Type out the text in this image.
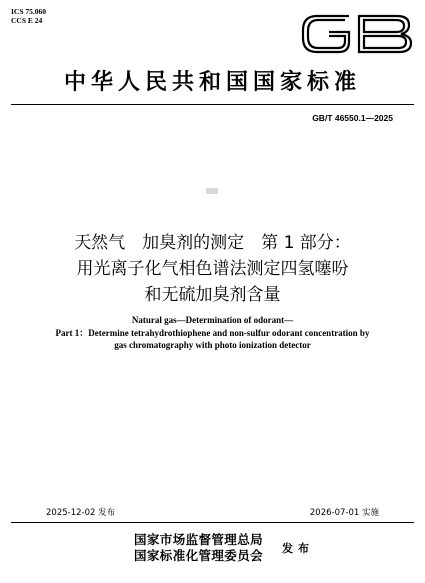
ICS 75.060
CCS E 24
中华人民共和国国家标准
GB/T 46550.1—2025
天然气　加臭剂的测定　第 1 部分：
用光离子化气相色谱法测定四氢噻吩
和无硫加臭剂含量
Natural gas—Determination of odorant—
Part 1：Determine tetrahydrothiophene and non-sulfur odorant concentration by
gas chromatography with photo ionization detector
2025-12-02 发布	2026-07-01 实施
国家市场监督管理总局
国家标准化管理委员会 发布
